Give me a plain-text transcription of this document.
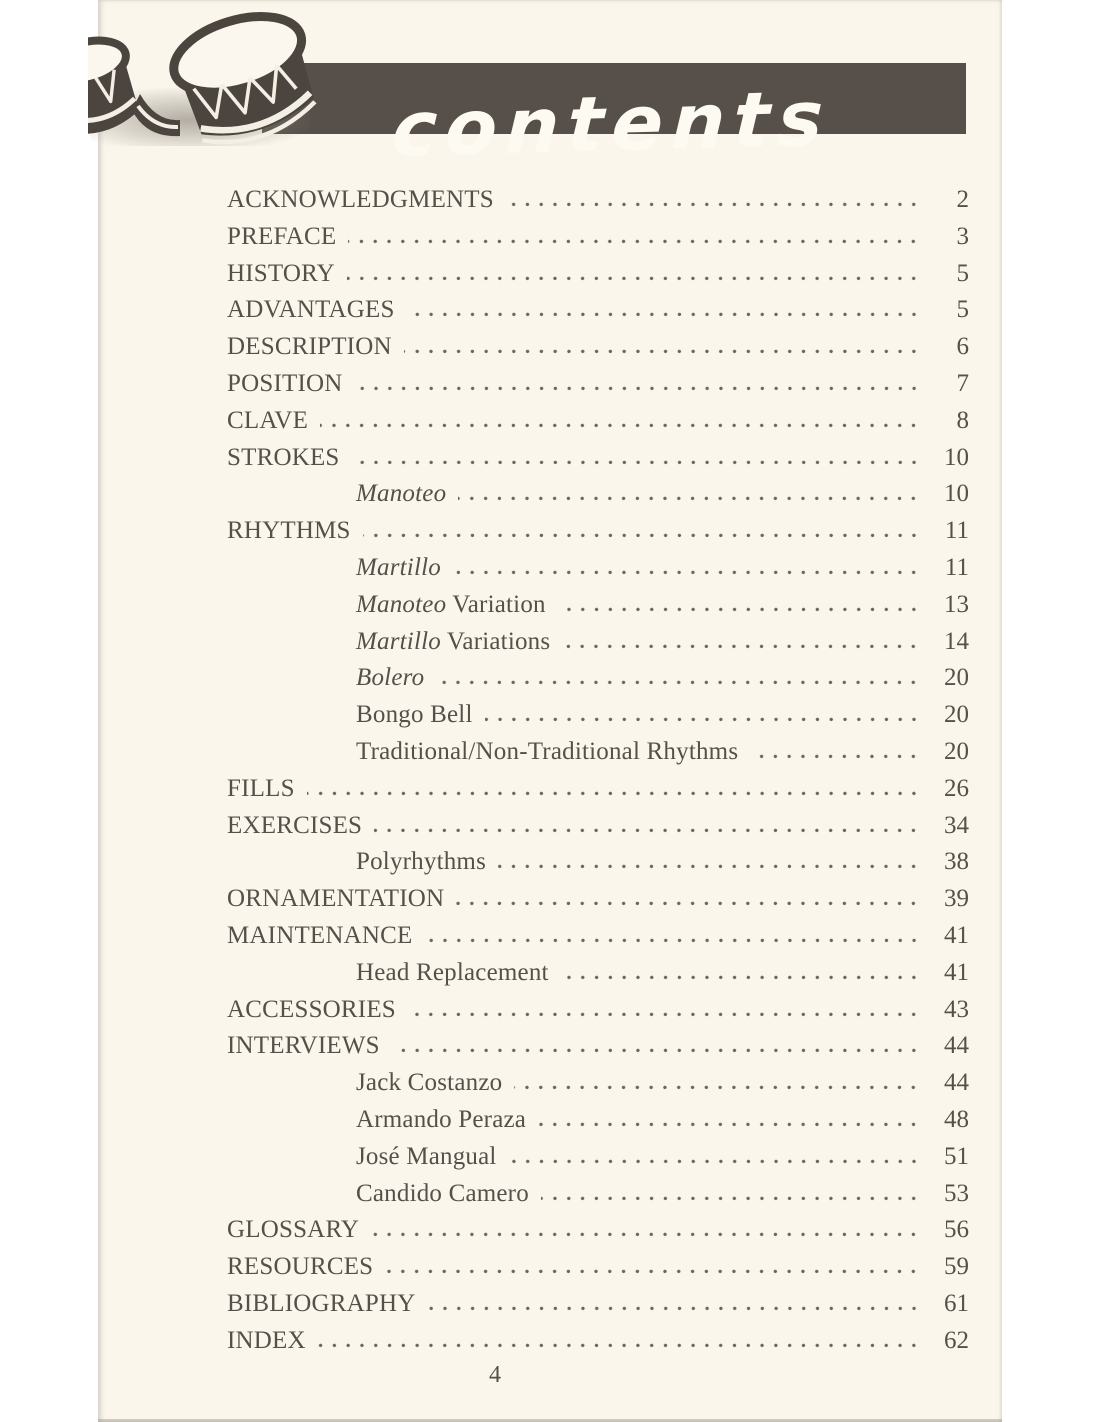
contents
ACKNOWLEDGMENTS	2
PREFACE	3
HISTORY	5
ADVANTAGES	5
DESCRIPTION	6
POSITION	7
CLAVE	8
STROKES	10
Manoteo	10
RHYTHMS	11
Martillo	11
Manoteo Variation	13
Martillo Variations	14
Bolero	20
Bongo Bell	20
Traditional/Non-Traditional Rhythms	20
FILLS	26
EXERCISES	34
Polyrhythms	38
ORNAMENTATION	39
MAINTENANCE	41
Head Replacement	41
ACCESSORIES	43
INTERVIEWS	44
Jack Costanzo	44
Armando Peraza	48
José Mangual	51
Candido Camero	53
GLOSSARY	56
RESOURCES	59
BIBLIOGRAPHY	61
INDEX	62
4
